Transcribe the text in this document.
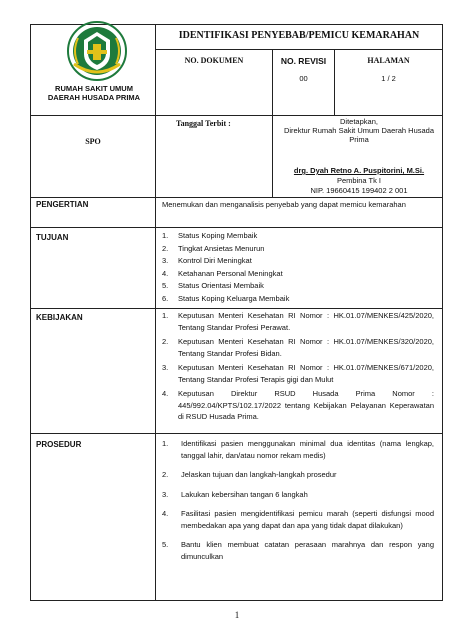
RUMAH SAKIT UMUM DAERAH HUSADA PRIMA
IDENTIFIKASI PENYEBAB/PEMICU KEMARAHAN
NO. DOKUMEN	NO. REVISI
00
HALAMAN
1 / 2
SPO
Tanggal Terbit :	Ditetapkan,
Direktur Rumah Sakit Umum Daerah Husada Prima
drg. Dyah Retno A. Puspitorini, M.Si.
Pembina Tk I
NIP. 19660415 199402 2 001
PENGERTIAN	Menemukan dan menganalisis penyebab yang dapat memicu kemarahan
TUJUAN	1. Status Koping Membaik
2. Tingkat Ansietas Menurun
3. Kontrol Diri Meningkat
4. Ketahanan Personal Meningkat
5. Status Orientasi Membaik
6. Status Koping Keluarga Membaik
KEBIJAKAN	1. Keputusan Menteri Kesehatan RI Nomor : HK.01.07/MENKES/425/2020, Tentang Standar Profesi Perawat.
2. Keputusan Menteri Kesehatan RI Nomor : HK.01.07/MENKES/320/2020, Tentang Standar Profesi Bidan.
3. Keputusan Menteri Kesehatan RI Nomor : HK.01.07/MENKES/671/2020, Tentang Standar Profesi Terapis gigi dan Mulut
4. Keputusan Direktur RSUD Husada Prima Nomor : 445/992.04/KPTS/102.17/2022 tentang Kebijakan Pelayanan Keperawatan di RSUD Husada Prima.
PROSEDUR	1. Identifikasi pasien menggunakan minimal dua identitas (nama lengkap, tanggal lahir, dan/atau nomor rekam medis)
2. Jelaskan tujuan dan langkah-langkah prosedur
3. Lakukan kebersihan tangan 6 langkah
4. Fasilitasi pasien mengidentifikasi pemicu marah (seperti disfungsi mood membedakan apa yang dapat dan apa yang tidak dapat dilakukan)
5. Bantu klien membuat catatan perasaan marahnya dan respon yang dimunculkan
1
